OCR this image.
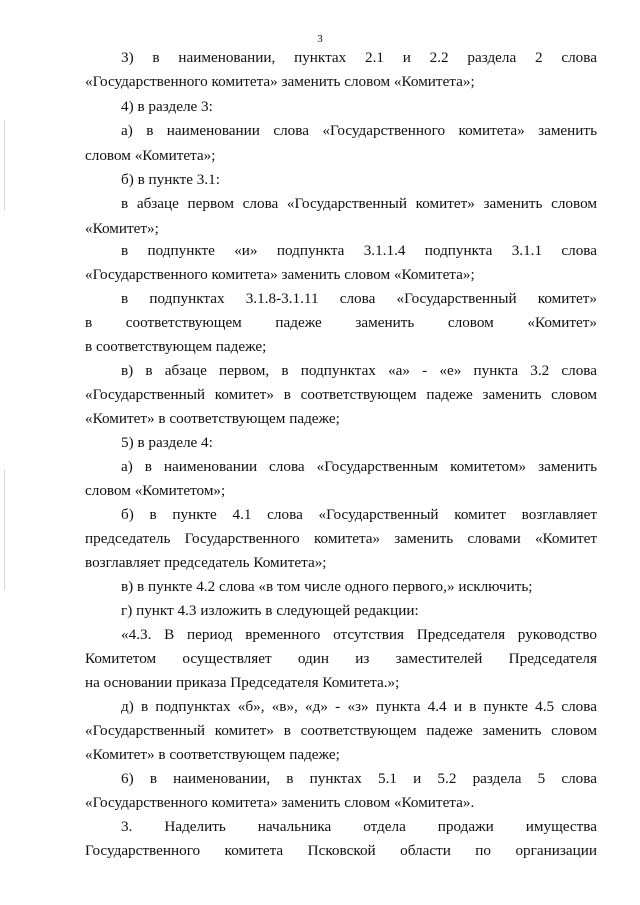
3
3) в наименовании, пунктах 2.1 и 2.2 раздела 2 слова
«Государственного комитета» заменить словом «Комитета»;
4) в разделе 3:
а) в наименовании слова «Государственного комитета» заменить
словом «Комитета»;
б) в пункте 3.1:
в абзаце первом слова «Государственный комитет» заменить словом
«Комитет»;
в подпункте «и» подпункта 3.1.1.4 подпункта 3.1.1 слова
«Государственного комитета» заменить словом «Комитета»;
в подпунктах 3.1.8-3.1.11 слова «Государственный комитет»
в соответствующем падеже заменить словом «Комитет»
в соответствующем падеже;
в) в абзаце первом, в подпунктах «а» - «е» пункта 3.2 слова
«Государственный комитет» в соответствующем падеже заменить словом
«Комитет» в соответствующем падеже;
5) в разделе 4:
а) в наименовании слова «Государственным комитетом» заменить
словом «Комитетом»;
б) в пункте 4.1 слова «Государственный комитет возглавляет
председатель Государственного комитета» заменить словами «Комитет
возглавляет председатель Комитета»;
в) в пункте 4.2 слова «в том числе одного первого,» исключить;
г) пункт 4.3 изложить в следующей редакции:
«4.3. В период временного отсутствия Председателя руководство
Комитетом осуществляет один из заместителей Председателя
на основании приказа Председателя Комитета.»;
д) в подпунктах «б», «в», «д» - «з» пункта 4.4 и в пункте 4.5 слова
«Государственный комитет» в соответствующем падеже заменить словом
«Комитет» в соответствующем падеже;
6) в наименовании, в пунктах 5.1 и 5.2 раздела 5 слова
«Государственного комитета» заменить словом «Комитета».
3. Наделить начальника отдела продажи имущества
Государственного комитета Псковской области по организации
